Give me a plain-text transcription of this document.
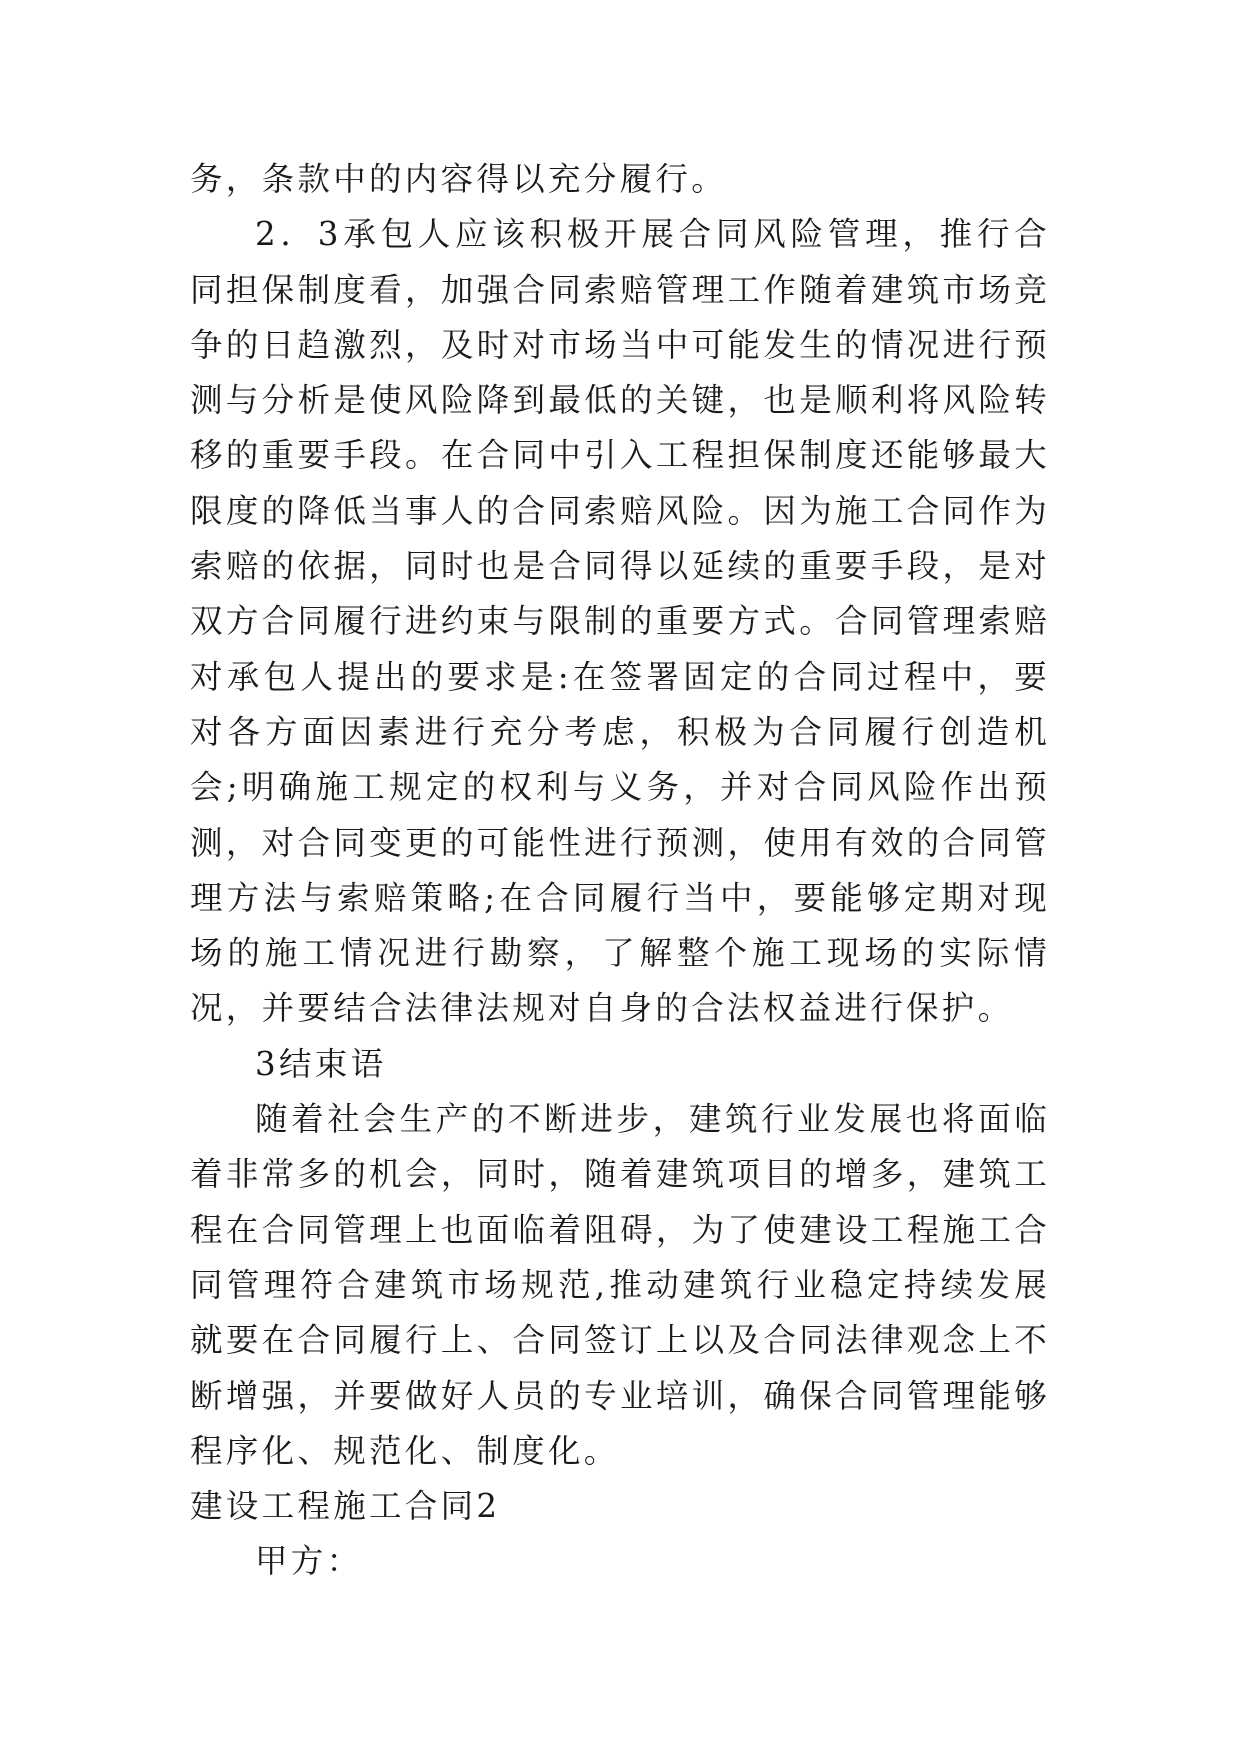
务，条款中的内容得以充分履行。

2．3承包人应该积极开展合同风险管理，推行合同担保制度看，加强合同索赔管理工作随着建筑市场竞争的日趋激烈，及时对市场当中可能发生的情况进行预测与分析是使风险降到最低的关键，也是顺利将风险转移的重要手段。在合同中引入工程担保制度还能够最大限度的降低当事人的合同索赔风险。因为施工合同作为索赔的依据，同时也是合同得以延续的重要手段，是对双方合同履行进约束与限制的重要方式。合同管理索赔对承包人提出的要求是:在签署固定的合同过程中，要对各方面因素进行充分考虑，积极为合同履行创造机会;明确施工规定的权利与义务，并对合同风险作出预测，对合同变更的可能性进行预测，使用有效的合同管理方法与索赔策略;在合同履行当中，要能够定期对现场的施工情况进行勘察，了解整个施工现场的实际情况，并要结合法律法规对自身的合法权益进行保护。

3结束语

随着社会生产的不断进步，建筑行业发展也将面临着非常多的机会，同时，随着建筑项目的增多，建筑工程在合同管理上也面临着阻碍，为了使建设工程施工合同管理符合建筑市场规范,推动建筑行业稳定持续发展就要在合同履行上、合同签订上以及合同法律观念上不断增强，并要做好人员的专业培训，确保合同管理能够程序化、规范化、制度化。

建设工程施工合同2

甲方：
